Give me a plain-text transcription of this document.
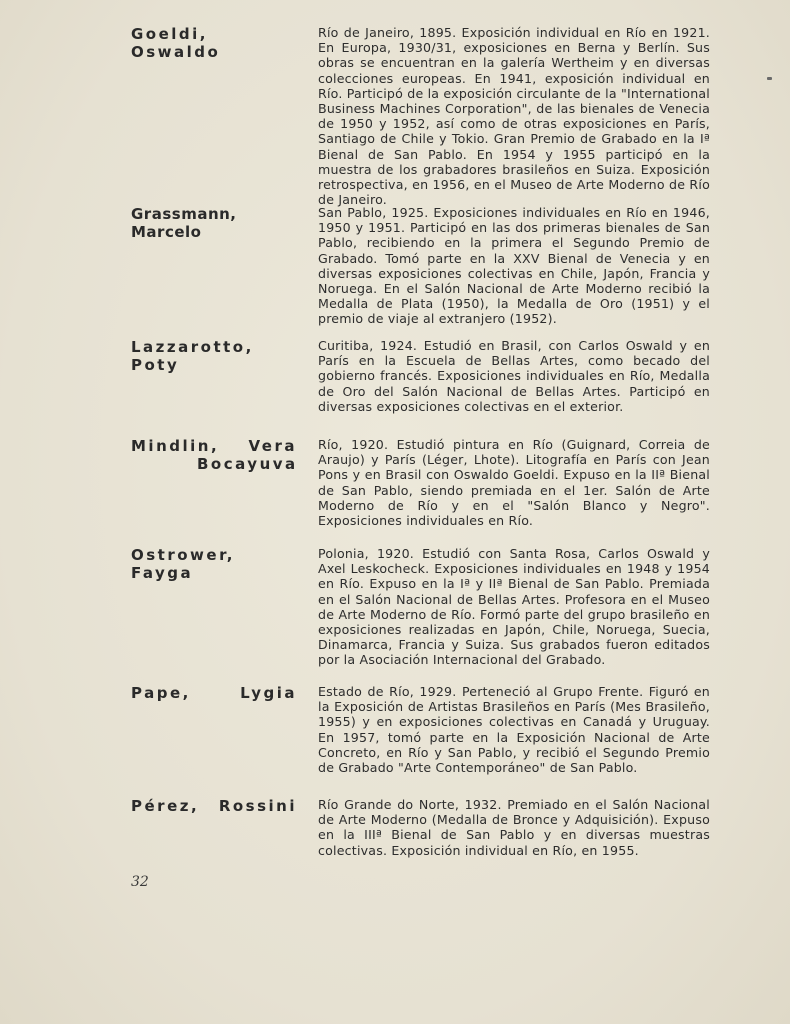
Goeldi, Oswaldo
Río de Janeiro, 1895. Exposición individual en Río en 1921. En Europa, 1930/31, exposiciones en Berna y Berlín. Sus obras se encuentran en la galería Wertheim y en diversas colecciones europeas. En 1941, exposición individual en Río. Participó de la exposición circulante de la "International Business Machines Corporation", de las bienales de Venecia de 1950 y 1952, así como de otras exposiciones en París, Santiago de Chile y Tokio. Gran Premio de Grabado en la Iª Bienal de San Pablo. En 1954 y 1955 participó en la muestra de los grabadores brasileños en Suiza. Exposición retrospectiva, en 1956, en el Museo de Arte Moderno de Río de Janeiro.
Grassmann, Marcelo
San Pablo, 1925. Exposiciones individuales en Río en 1946, 1950 y 1951. Participó en las dos primeras bienales de San Pablo, recibiendo en la primera el Segundo Premio de Grabado. Tomó parte en la XXV Bienal de Venecia y en diversas exposiciones colectivas en Chile, Japón, Francia y Noruega. En el Salón Nacional de Arte Moderno recibió la Medalla de Plata (1950), la Medalla de Oro (1951) y el premio de viaje al extranjero (1952).
Lazzarotto, Poty
Curitiba, 1924. Estudió en Brasil, con Carlos Oswald y en París en la Escuela de Bellas Artes, como becado del gobierno francés. Exposiciones individuales en Río, Medalla de Oro del Salón Nacional de Bellas Artes. Participó en diversas exposiciones colectivas en el exterior.
Mindlin, Vera
Bocayuva
Río, 1920. Estudió pintura en Río (Guignard, Correia de Araujo) y París (Léger, Lhote). Litografía en París con Jean Pons y en Brasil con Oswaldo Goeldi. Expuso en la IIª Bienal de San Pablo, siendo premiada en el 1er. Salón de Arte Moderno de Río y en el "Salón Blanco y Negro". Exposiciones individuales en Río.
Ostrower, Fayga
Polonia, 1920. Estudió con Santa Rosa, Carlos Oswald y Axel Leskocheck. Exposiciones individuales en 1948 y 1954 en Río. Expuso en la Iª y IIª Bienal de San Pablo. Premiada en el Salón Nacional de Bellas Artes. Profesora en el Museo de Arte Moderno de Río. Formó parte del grupo brasileño en exposiciones realizadas en Japón, Chile, Noruega, Suecia, Dinamarca, Francia y Suiza. Sus grabados fueron editados por la Asociación Internacional del Grabado.
Pape, Lygia Estado de Río, 1929. Perteneció al Grupo Frente. Figuró en la Exposición de Artistas Brasileños en París (Mes Brasileño, 1955) y en exposiciones colectivas en Canadá y Uruguay. En 1957, tomó parte en la Exposición Nacional de Arte Concreto, en Río y San Pablo, y recibió el Segundo Premio de Grabado "Arte Contemporáneo" de San Pablo.
Pérez, Rossini Río Grande do Norte, 1932. Premiado en el Salón Nacional de Arte Moderno (Medalla de Bronce y Adquisición). Expuso en la IIIª Bienal de San Pablo y en diversas muestras colectivas. Exposición individual en Río, en 1955.
32
